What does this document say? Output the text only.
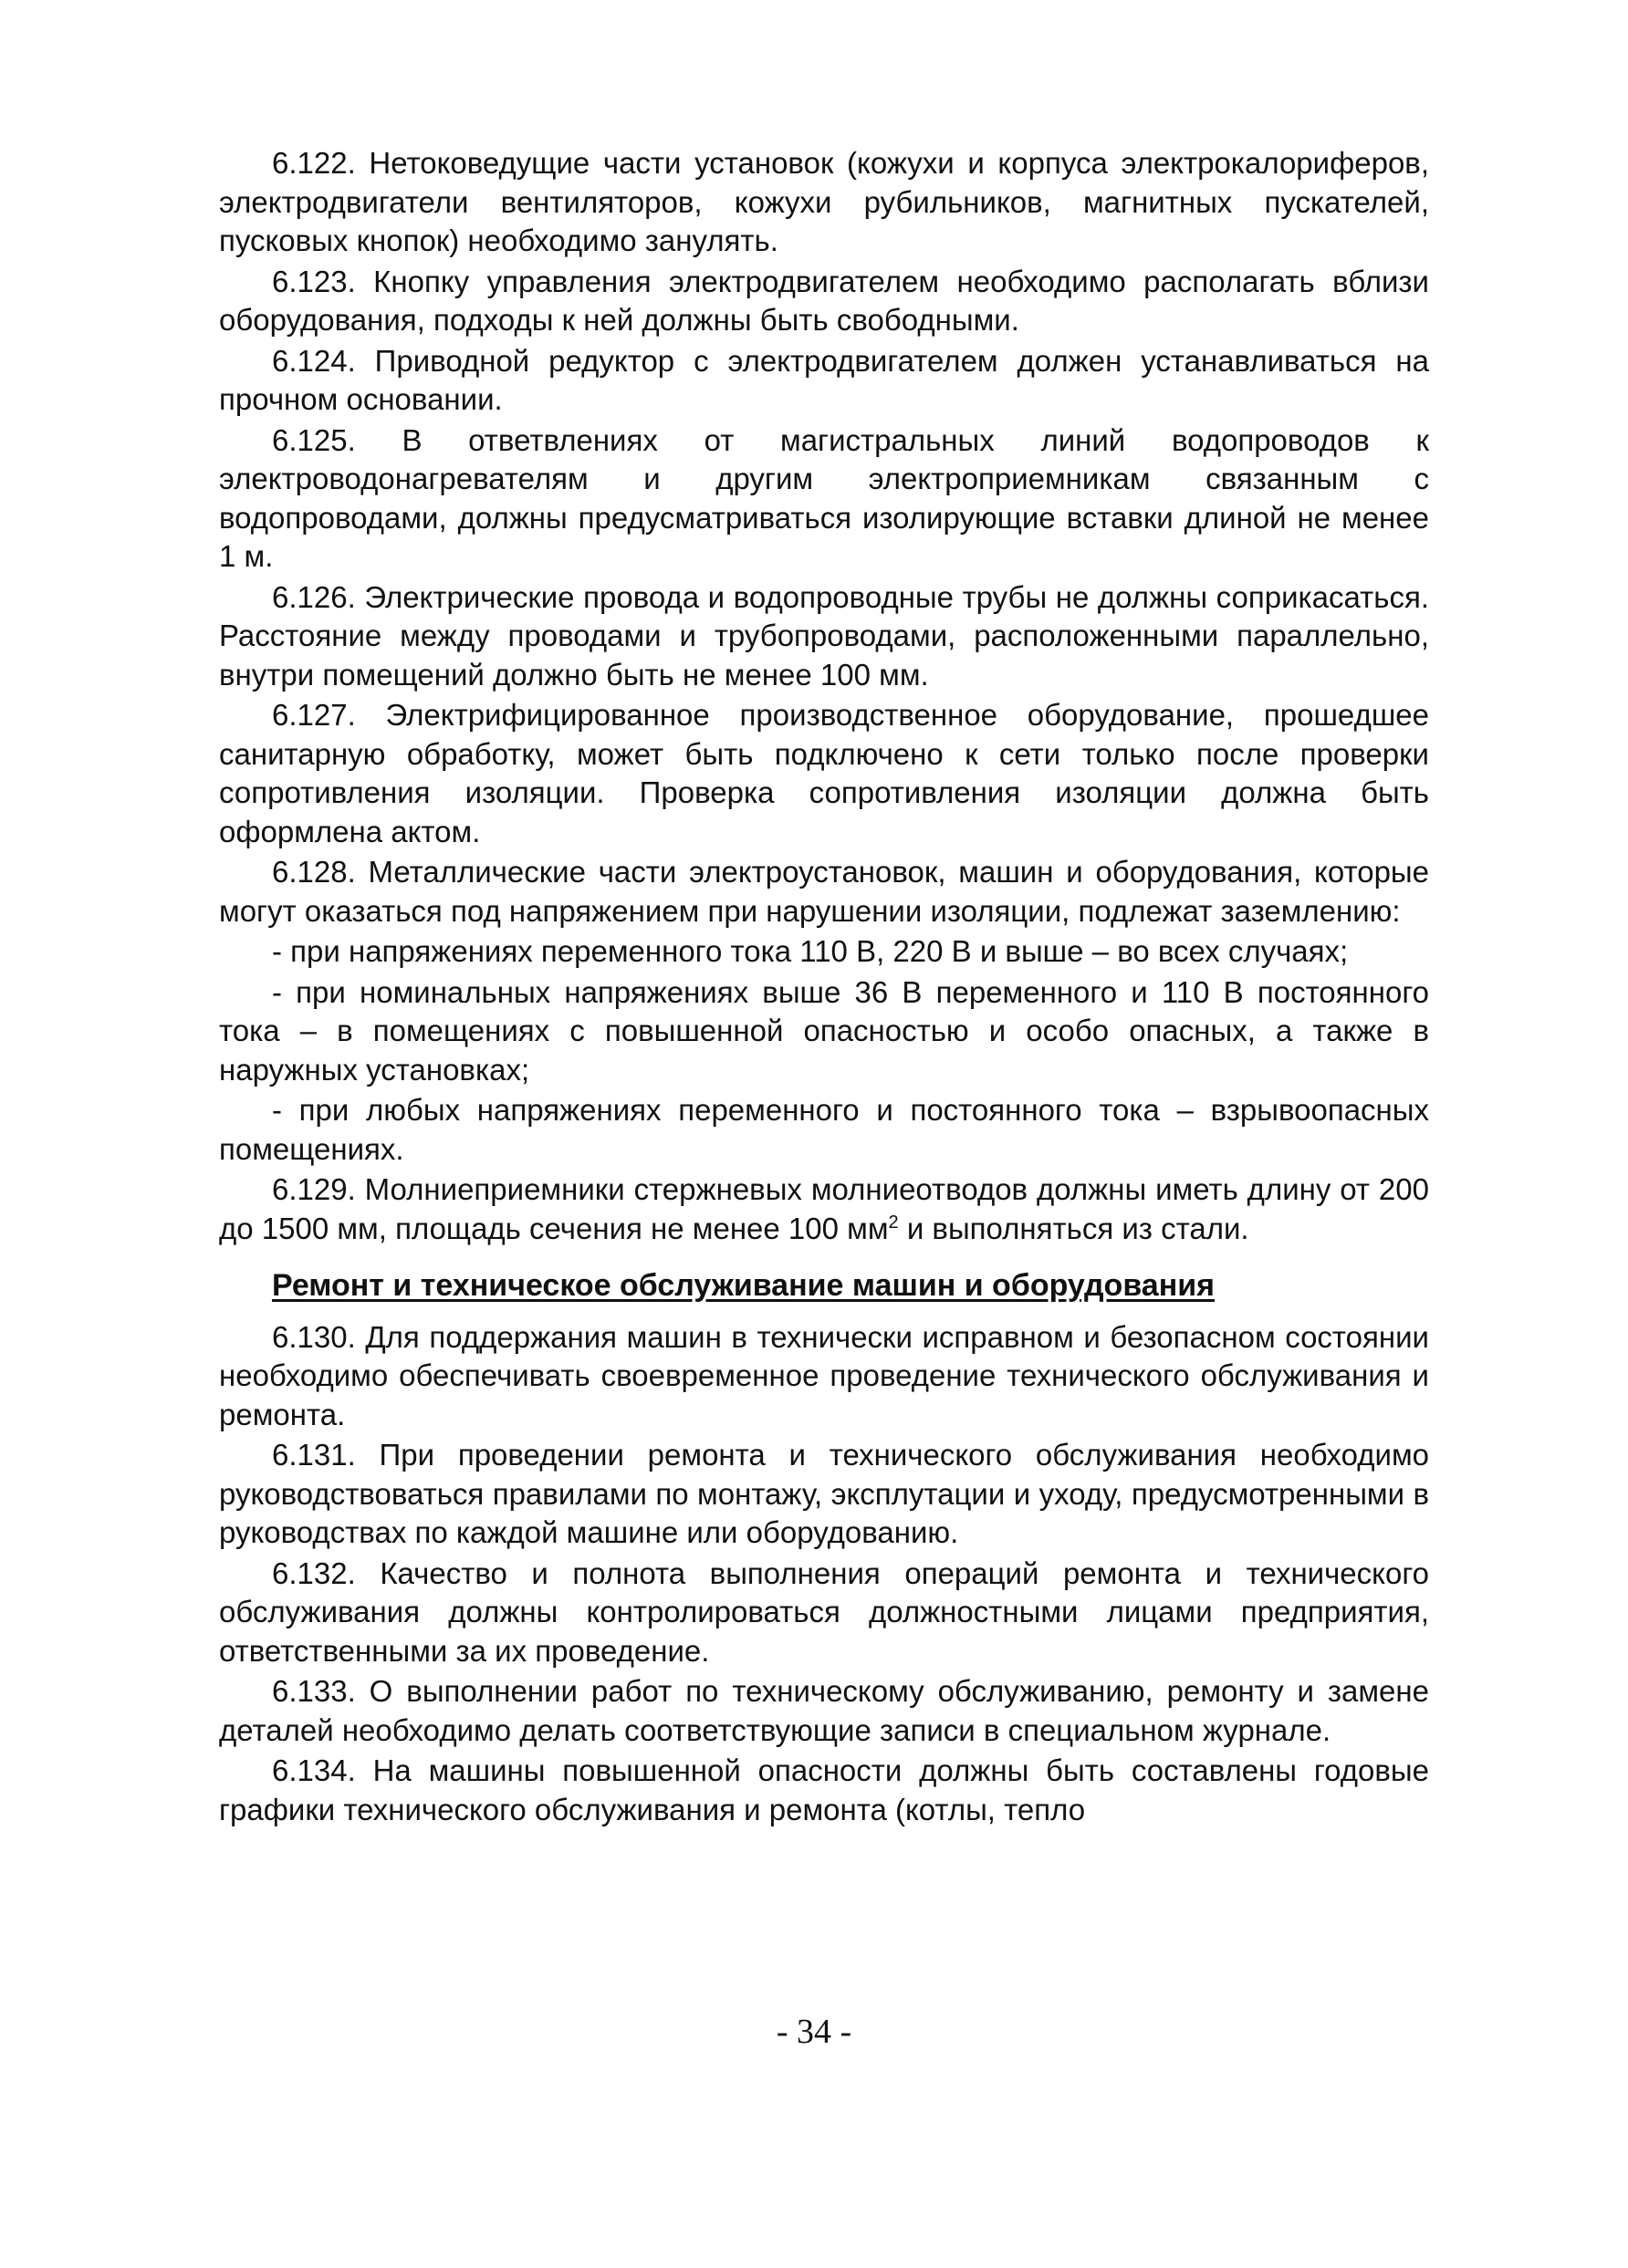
6.122. Нетоковедущие части установок (кожухи и корпуса электрокалориферов, электродвигатели вентиляторов, кожухи рубильников, магнитных пускателей, пусковых кнопок) необходимо занулять.

6.123. Кнопку управления электродвигателем необходимо располагать вблизи оборудования, подходы к ней должны быть свободными.

6.124. Приводной редуктор с электродвигателем должен устанавливаться на прочном основании.

6.125. В ответвлениях от магистральных линий водопроводов к электроводонагревателям и другим электроприемникам связанным с водопроводами, должны предусматриваться изолирующие вставки длиной не менее 1 м.

6.126. Электрические провода и водопроводные трубы не должны соприкасаться. Расстояние между проводами и трубопроводами, расположенными параллельно, внутри помещений должно быть не менее 100 мм.

6.127. Электрифицированное производственное оборудование, прошедшее санитарную обработку, может быть подключено к сети только после проверки сопротивления изоляции. Проверка сопротивления изоляции должна быть оформлена актом.

6.128. Металлические части электроустановок, машин и оборудования, которые могут оказаться под напряжением при нарушении изоляции, подлежат заземлению:

- при напряжениях переменного тока 110 В, 220 В и выше – во всех случаях;

- при номинальных напряжениях выше 36 В переменного и 110 В постоянного тока – в помещениях с повышенной опасностью и особо опасных, а также в наружных установках;

- при любых напряжениях переменного и постоянного тока – взрывоопасных помещениях.

6.129. Молниеприемники стержневых молниеотводов должны иметь длину от 200 до 1500 мм, площадь сечения не менее 100 $мм^2$ и выполняться из стали.

Ремонт и техническое обслуживание машин и оборудования

6.130. Для поддержания машин в технически исправном и безопасном состоянии необходимо обеспечивать своевременное проведение технического обслуживания и ремонта.

6.131. При проведении ремонта и технического обслуживания необходимо руководствоваться правилами по монтажу, эксплутации и уходу, предусмотренными в руководствах по каждой машине или оборудованию.

6.132. Качество и полнота выполнения операций ремонта и технического обслуживания должны контролироваться должностными лицами предприятия, ответственными за их проведение.

6.133. О выполнении работ по техническому обслуживанию, ремонту и замене деталей необходимо делать соответствующие записи в специальном журнале.

6.134. На машины повышенной опасности должны быть составлены годовые графики технического обслуживания и ремонта (котлы, тепло

- 34 -
